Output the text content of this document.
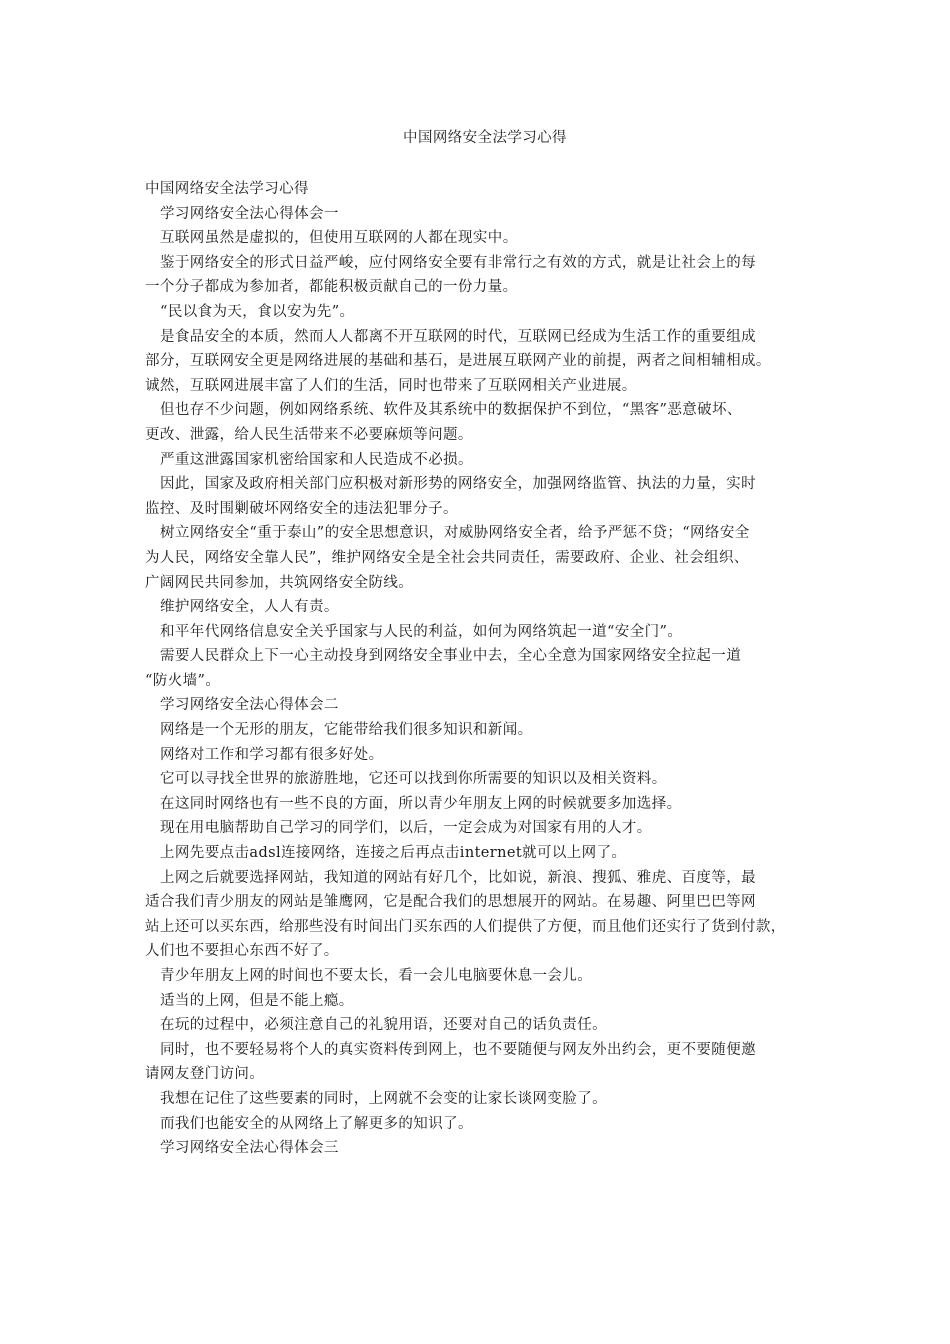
中国网络安全法学习心得
中国网络安全法学习心得
学习网络安全法心得体会一
互联网虽然是虚拟的，但使用互联网的人都在现实中。
鉴于网络安全的形式日益严峻，应付网络安全要有非常行之有效的方式，就是让社会上的每
一个分子都成为参加者，都能积极贡献自己的一份力量。
“民以食为天，食以安为先”。
是食品安全的本质，然而人人都离不开互联网的时代，互联网已经成为生活工作的重要组成
部分，互联网安全更是网络进展的基础和基石，是进展互联网产业的前提，两者之间相辅相成。
诚然，互联网进展丰富了人们的生活，同时也带来了互联网相关产业进展。
但也存不少问题，例如网络系统、软件及其系统中的数据保护不到位，“黑客”恶意破坏、
更改、泄露，给人民生活带来不必要麻烦等问题。
严重这泄露国家机密给国家和人民造成不必损。
因此，国家及政府相关部门应积极对新形势的网络安全，加强网络监管、执法的力量，实时
监控、及时围剿破坏网络安全的违法犯罪分子。
树立网络安全“重于泰山”的安全思想意识，对威胁网络安全者，给予严惩不贷；“网络安全
为人民，网络安全靠人民”，维护网络安全是全社会共同责任，需要政府、企业、社会组织、
广阔网民共同参加，共筑网络安全防线。
维护网络安全，人人有责。
和平年代网络信息安全关乎国家与人民的利益，如何为网络筑起一道“安全门”。
需要人民群众上下一心主动投身到网络安全事业中去，全心全意为国家网络安全拉起一道
“防火墙”。
学习网络安全法心得体会二
网络是一个无形的朋友，它能带给我们很多知识和新闻。
网络对工作和学习都有很多好处。
它可以寻找全世界的旅游胜地，它还可以找到你所需要的知识以及相关资料。
在这同时网络也有一些不良的方面，所以青少年朋友上网的时候就要多加选择。
现在用电脑帮助自己学习的同学们，以后，一定会成为对国家有用的人才。
上网先要点击adsl连接网络，连接之后再点击internet就可以上网了。
上网之后就要选择网站，我知道的网站有好几个，比如说，新浪、搜狐、雅虎、百度等，最
适合我们青少朋友的网站是雏鹰网，它是配合我们的思想展开的网站。在易趣、阿里巴巴等网
站上还可以买东西，给那些没有时间出门买东西的人们提供了方便，而且他们还实行了货到付款，
人们也不要担心东西不好了。
青少年朋友上网的时间也不要太长，看一会儿电脑要休息一会儿。
适当的上网，但是不能上瘾。
在玩的过程中，必须注意自己的礼貌用语，还要对自己的话负责任。
同时，也不要轻易将个人的真实资料传到网上，也不要随便与网友外出约会，更不要随便邀
请网友登门访问。
我想在记住了这些要素的同时，上网就不会变的让家长谈网变脸了。
而我们也能安全的从网络上了解更多的知识了。
学习网络安全法心得体会三
